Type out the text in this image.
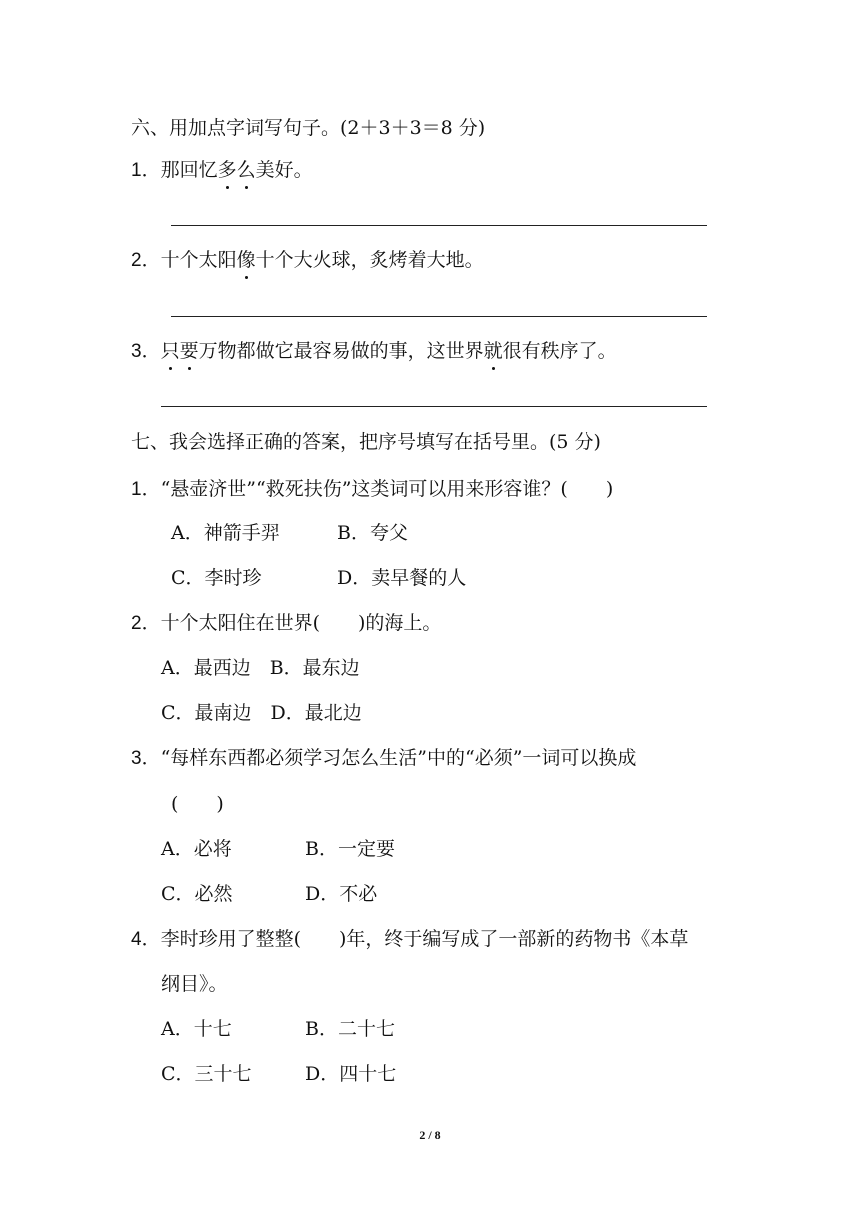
六、用加点字词写句子。(2＋3＋3＝8 分)
1．那回忆多么美好。
2．十个太阳像十个大火球，炙烤着大地。
3．只要万物都做它最容易做的事，这世界就很有秩序了。
七、我会选择正确的答案，把序号填写在括号里。(5 分)
1．“悬壶济世”“救死扶伤”这类词可以用来形容谁？(　　)
A．神箭手羿	B．夸父
C．李时珍	D．卖早餐的人
2．十个太阳住在世界(　　)的海上。
A．最西边　B．最东边
C．最南边　D．最北边
3．“每样东西都必须学习怎么生活”中的“必须”一词可以换成
(　　)
A．必将	B．一定要
C．必然	D．不必
4．李时珍用了整整(　　)年，终于编写成了一部新的药物书《本草
纲目》。
A．十七	B．二十七
C．三十七	D．四十七
2 / 8
